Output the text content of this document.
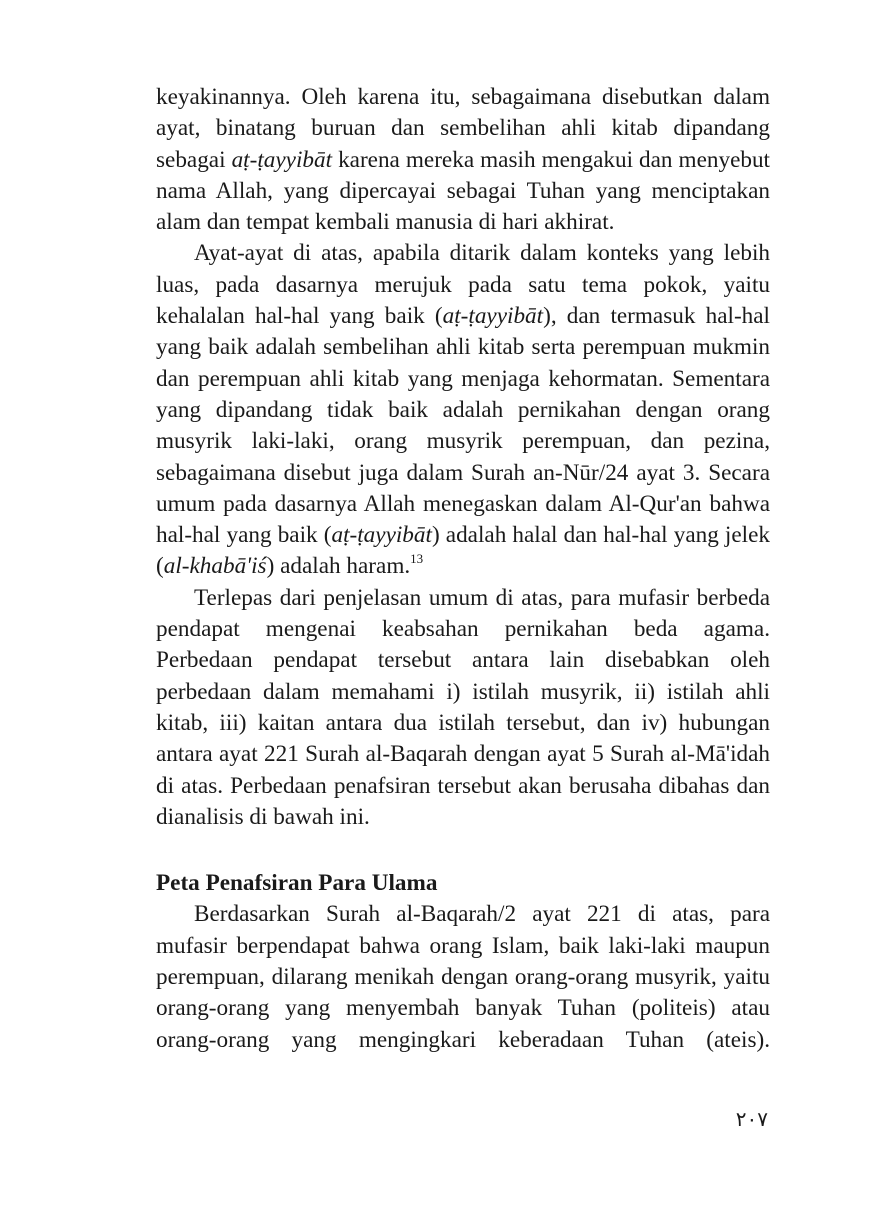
keyakinannya. Oleh karena itu, sebagaimana disebutkan dalam ayat, binatang buruan dan sembelihan ahli kitab dipandang sebagai aṭ-ṭayyibāt karena mereka masih mengakui dan menyebut nama Allah, yang dipercayai sebagai Tuhan yang menciptakan alam dan tempat kembali manusia di hari akhirat.

Ayat-ayat di atas, apabila ditarik dalam konteks yang lebih luas, pada dasarnya merujuk pada satu tema pokok, yaitu kehalalan hal-hal yang baik (aṭ-ṭayyibāt), dan termasuk hal-hal yang baik adalah sembelihan ahli kitab serta perempuan mukmin dan perempuan ahli kitab yang menjaga kehormatan. Sementara yang dipandang tidak baik adalah pernikahan dengan orang musyrik laki-laki, orang musyrik perempuan, dan pezina, sebagaimana disebut juga dalam Surah an-Nūr/24 ayat 3. Secara umum pada dasarnya Allah menegaskan dalam Al-Qur'an bahwa hal-hal yang baik (aṭ-ṭayyibāt) adalah halal dan hal-hal yang jelek (al-khabā'iś) adalah haram.$^{13}$

Terlepas dari penjelasan umum di atas, para mufasir berbeda pendapat mengenai keabsahan pernikahan beda agama. Perbedaan pendapat tersebut antara lain disebabkan oleh perbedaan dalam memahami i) istilah musyrik, ii) istilah ahli kitab, iii) kaitan antara dua istilah tersebut, dan iv) hubungan antara ayat 221 Surah al-Baqarah dengan ayat 5 Surah al-Mā'idah di atas. Perbedaan penafsiran tersebut akan berusaha dibahas dan dianalisis di bawah ini.

Peta Penafsiran Para Ulama

Berdasarkan Surah al-Baqarah/2 ayat 221 di atas, para mufasir berpendapat bahwa orang Islam, baik laki-laki maupun perempuan, dilarang menikah dengan orang-orang musyrik, yaitu orang-orang yang menyembah banyak Tuhan (politeis) atau orang-orang yang mengingkari keberadaan Tuhan (ateis).

٢٠٧
